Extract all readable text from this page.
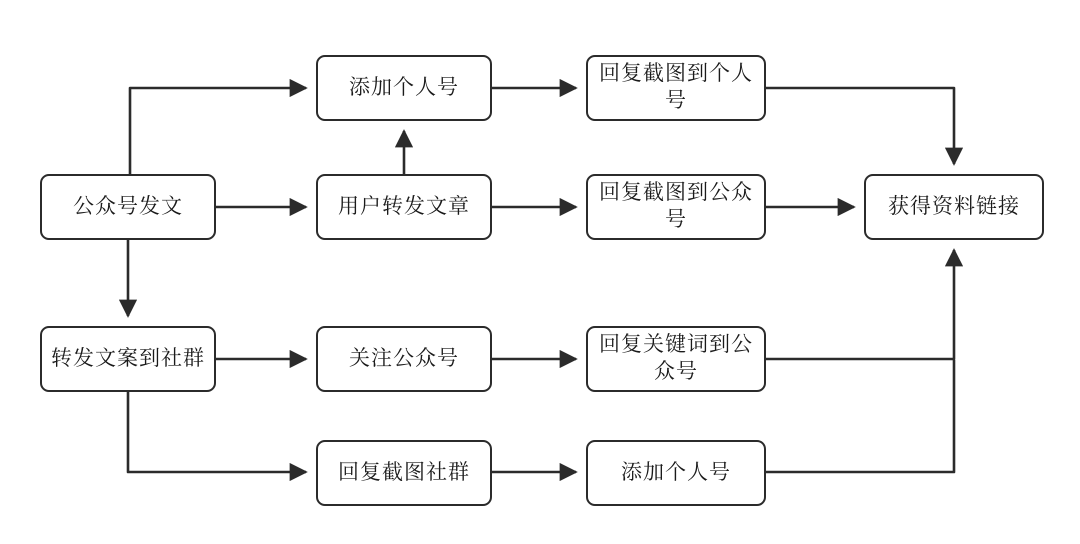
公众号发文
添加个人号
回复截图到个人号
用户转发文章
回复截图到公众号
获得资料链接
转发文案到社群	关注公众号
回复关键词到公众号
回复截图社群	添加个人号
